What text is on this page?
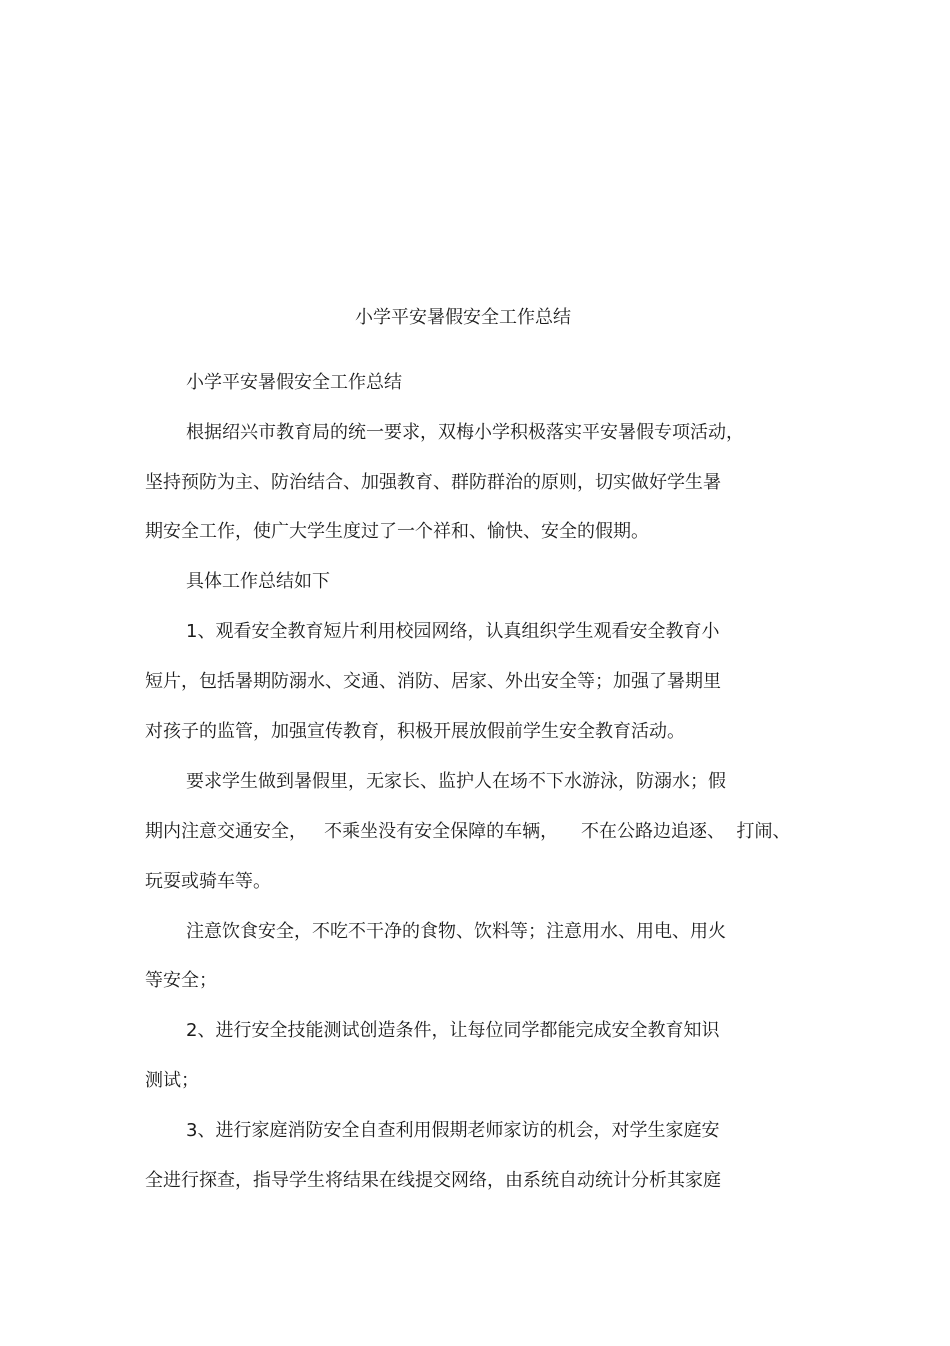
小学平安暑假安全工作总结
小学平安暑假安全工作总结
根据绍兴市教育局的统一要求，双梅小学积极落实平安暑假专项活动，
坚持预防为主、防治结合、加强教育、群防群治的原则，切实做好学生暑
期安全工作，使广大学生度过了一个祥和、愉快、安全的假期。
具体工作总结如下
1、观看安全教育短片利用校园网络，认真组织学生观看安全教育小
短片，包括暑期防溺水、交通、消防、居家、外出安全等；加强了暑期里
对孩子的监管，加强宣传教育，积极开展放假前学生安全教育活动。
要求学生做到暑假里，无家长、监护人在场不下水游泳，防溺水；假
期内注意交通安全，   不乘坐没有安全保障的车辆，    不在公路边追逐、  打闹、
玩耍或骑车等。
注意饮食安全，不吃不干净的食物、饮料等；注意用水、用电、用火
等安全；
2、进行安全技能测试创造条件，让每位同学都能完成安全教育知识
测试；
3、进行家庭消防安全自查利用假期老师家访的机会，对学生家庭安
全进行探查，指导学生将结果在线提交网络，由系统自动统计分析其家庭
